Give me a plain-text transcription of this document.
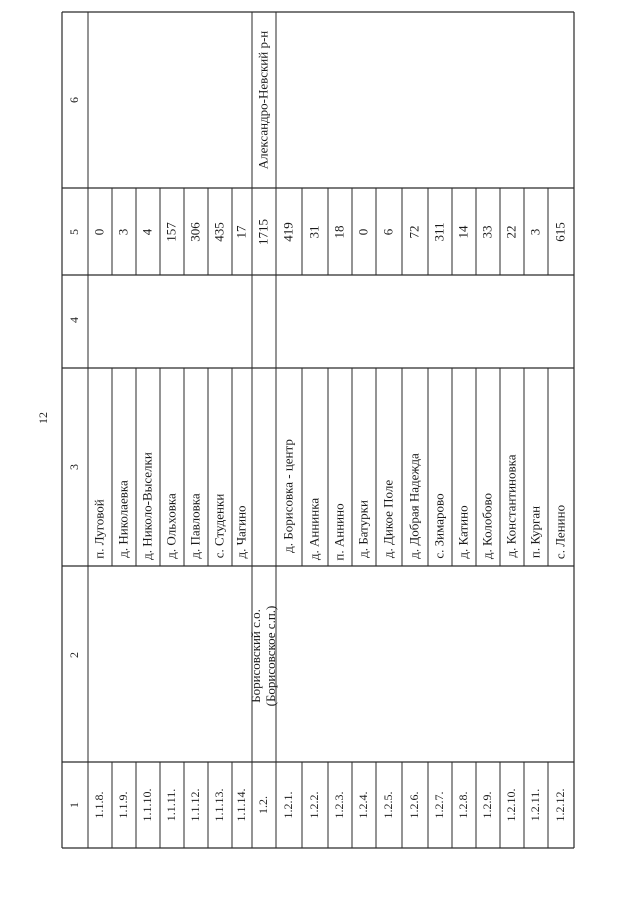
12
1
2
3
4
5
6
1.1.8.
п. Луговой
0
1.1.9.
д. Николаевка
3
1.1.10.
д. Николо-Выселки
4
1.1.11.
д. Ольховка
157
1.1.12.
д. Павловка
306
1.1.13.
с. Студенки
435
1.1.14.
д. Чагино
17
1.2.
Борисовский с.о.
(Борисовское с.п.)
1715
Александро-Невский р-н
1.2.1.
д. Борисовка - центр
419
1.2.2.
д. Аннинка
31
1.2.3.
п. Аннино
18
1.2.4.
д. Батурки
0
1.2.5.
д. Дикое Поле
6
1.2.6.
д. Добрая Надежда
72
1.2.7.
с. Зимарово
311
1.2.8.
д. Катино
14
1.2.9.
д. Колобово
33
1.2.10.
д. Константиновка
22
1.2.11.
п. Курган
3
1.2.12.
с. Ленино
615
